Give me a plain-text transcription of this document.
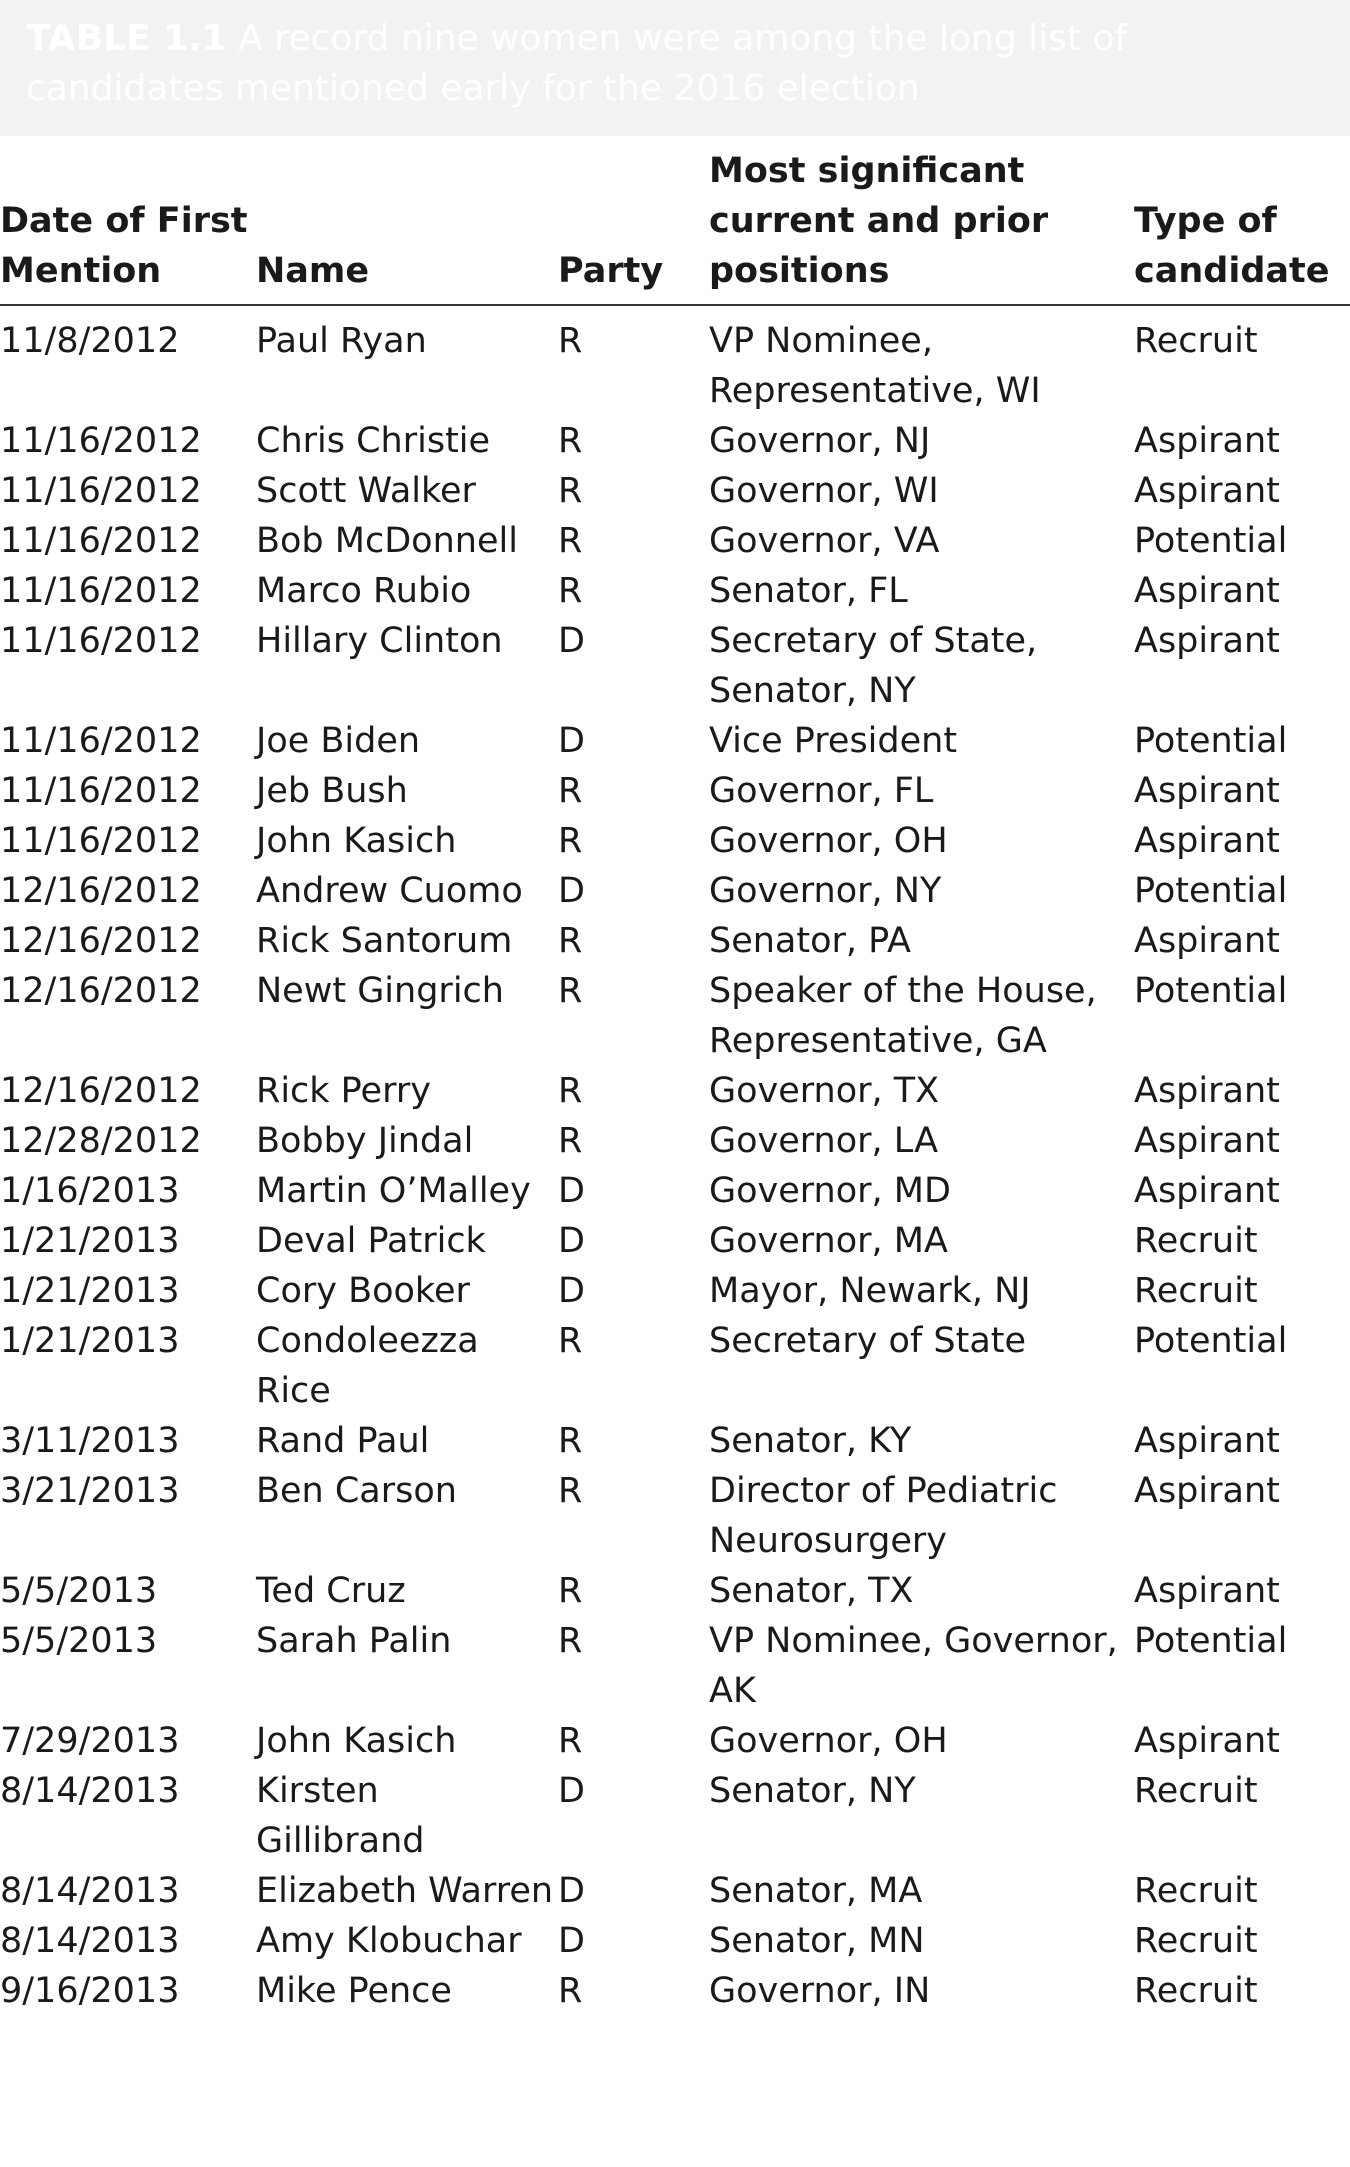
TABLE 1.1 A record nine women were among the long list of candidates mentioned early for the 2016 election
Date of First Mention	Name	Party	Most significant current and prior positions	Type of candidate
11/8/2012	Paul Ryan	R	VP Nominee, Representative, WI	Recruit
11/16/2012	Chris Christie	R	Governor, NJ	Aspirant
11/16/2012	Scott Walker	R	Governor, WI	Aspirant
11/16/2012	Bob McDonnell	R	Governor, VA	Potential
11/16/2012	Marco Rubio	R	Senator, FL	Aspirant
11/16/2012	Hillary Clinton	D	Secretary of State, Senator, NY	Aspirant
11/16/2012	Joe Biden	D	Vice President	Potential
11/16/2012	Jeb Bush	R	Governor, FL	Aspirant
11/16/2012	John Kasich	R	Governor, OH	Aspirant
12/16/2012	Andrew Cuomo	D	Governor, NY	Potential
12/16/2012	Rick Santorum	R	Senator, PA	Aspirant
12/16/2012	Newt Gingrich	R	Speaker of the House, Representative, GA	Potential
12/16/2012	Rick Perry	R	Governor, TX	Aspirant
12/28/2012	Bobby Jindal	R	Governor, LA	Aspirant
1/16/2013	Martin O’Malley	D	Governor, MD	Aspirant
1/21/2013	Deval Patrick	D	Governor, MA	Recruit
1/21/2013	Cory Booker	D	Mayor, Newark, NJ	Recruit
1/21/2013	Condoleezza Rice	R	Secretary of State	Potential
3/11/2013	Rand Paul	R	Senator, KY	Aspirant
3/21/2013	Ben Carson	R	Director of Pediatric Neurosurgery	Aspirant
5/5/2013	Ted Cruz	R	Senator, TX	Aspirant
5/5/2013	Sarah Palin	R	VP Nominee, Governor, AK	Potential
7/29/2013	John Kasich	R	Governor, OH	Aspirant
8/14/2013	Kirsten Gillibrand	D	Senator, NY	Recruit
8/14/2013	Elizabeth Warren	D	Senator, MA	Recruit
8/14/2013	Amy Klobuchar	D	Senator, MN	Recruit
9/16/2013	Mike Pence	R	Governor, IN	Recruit
